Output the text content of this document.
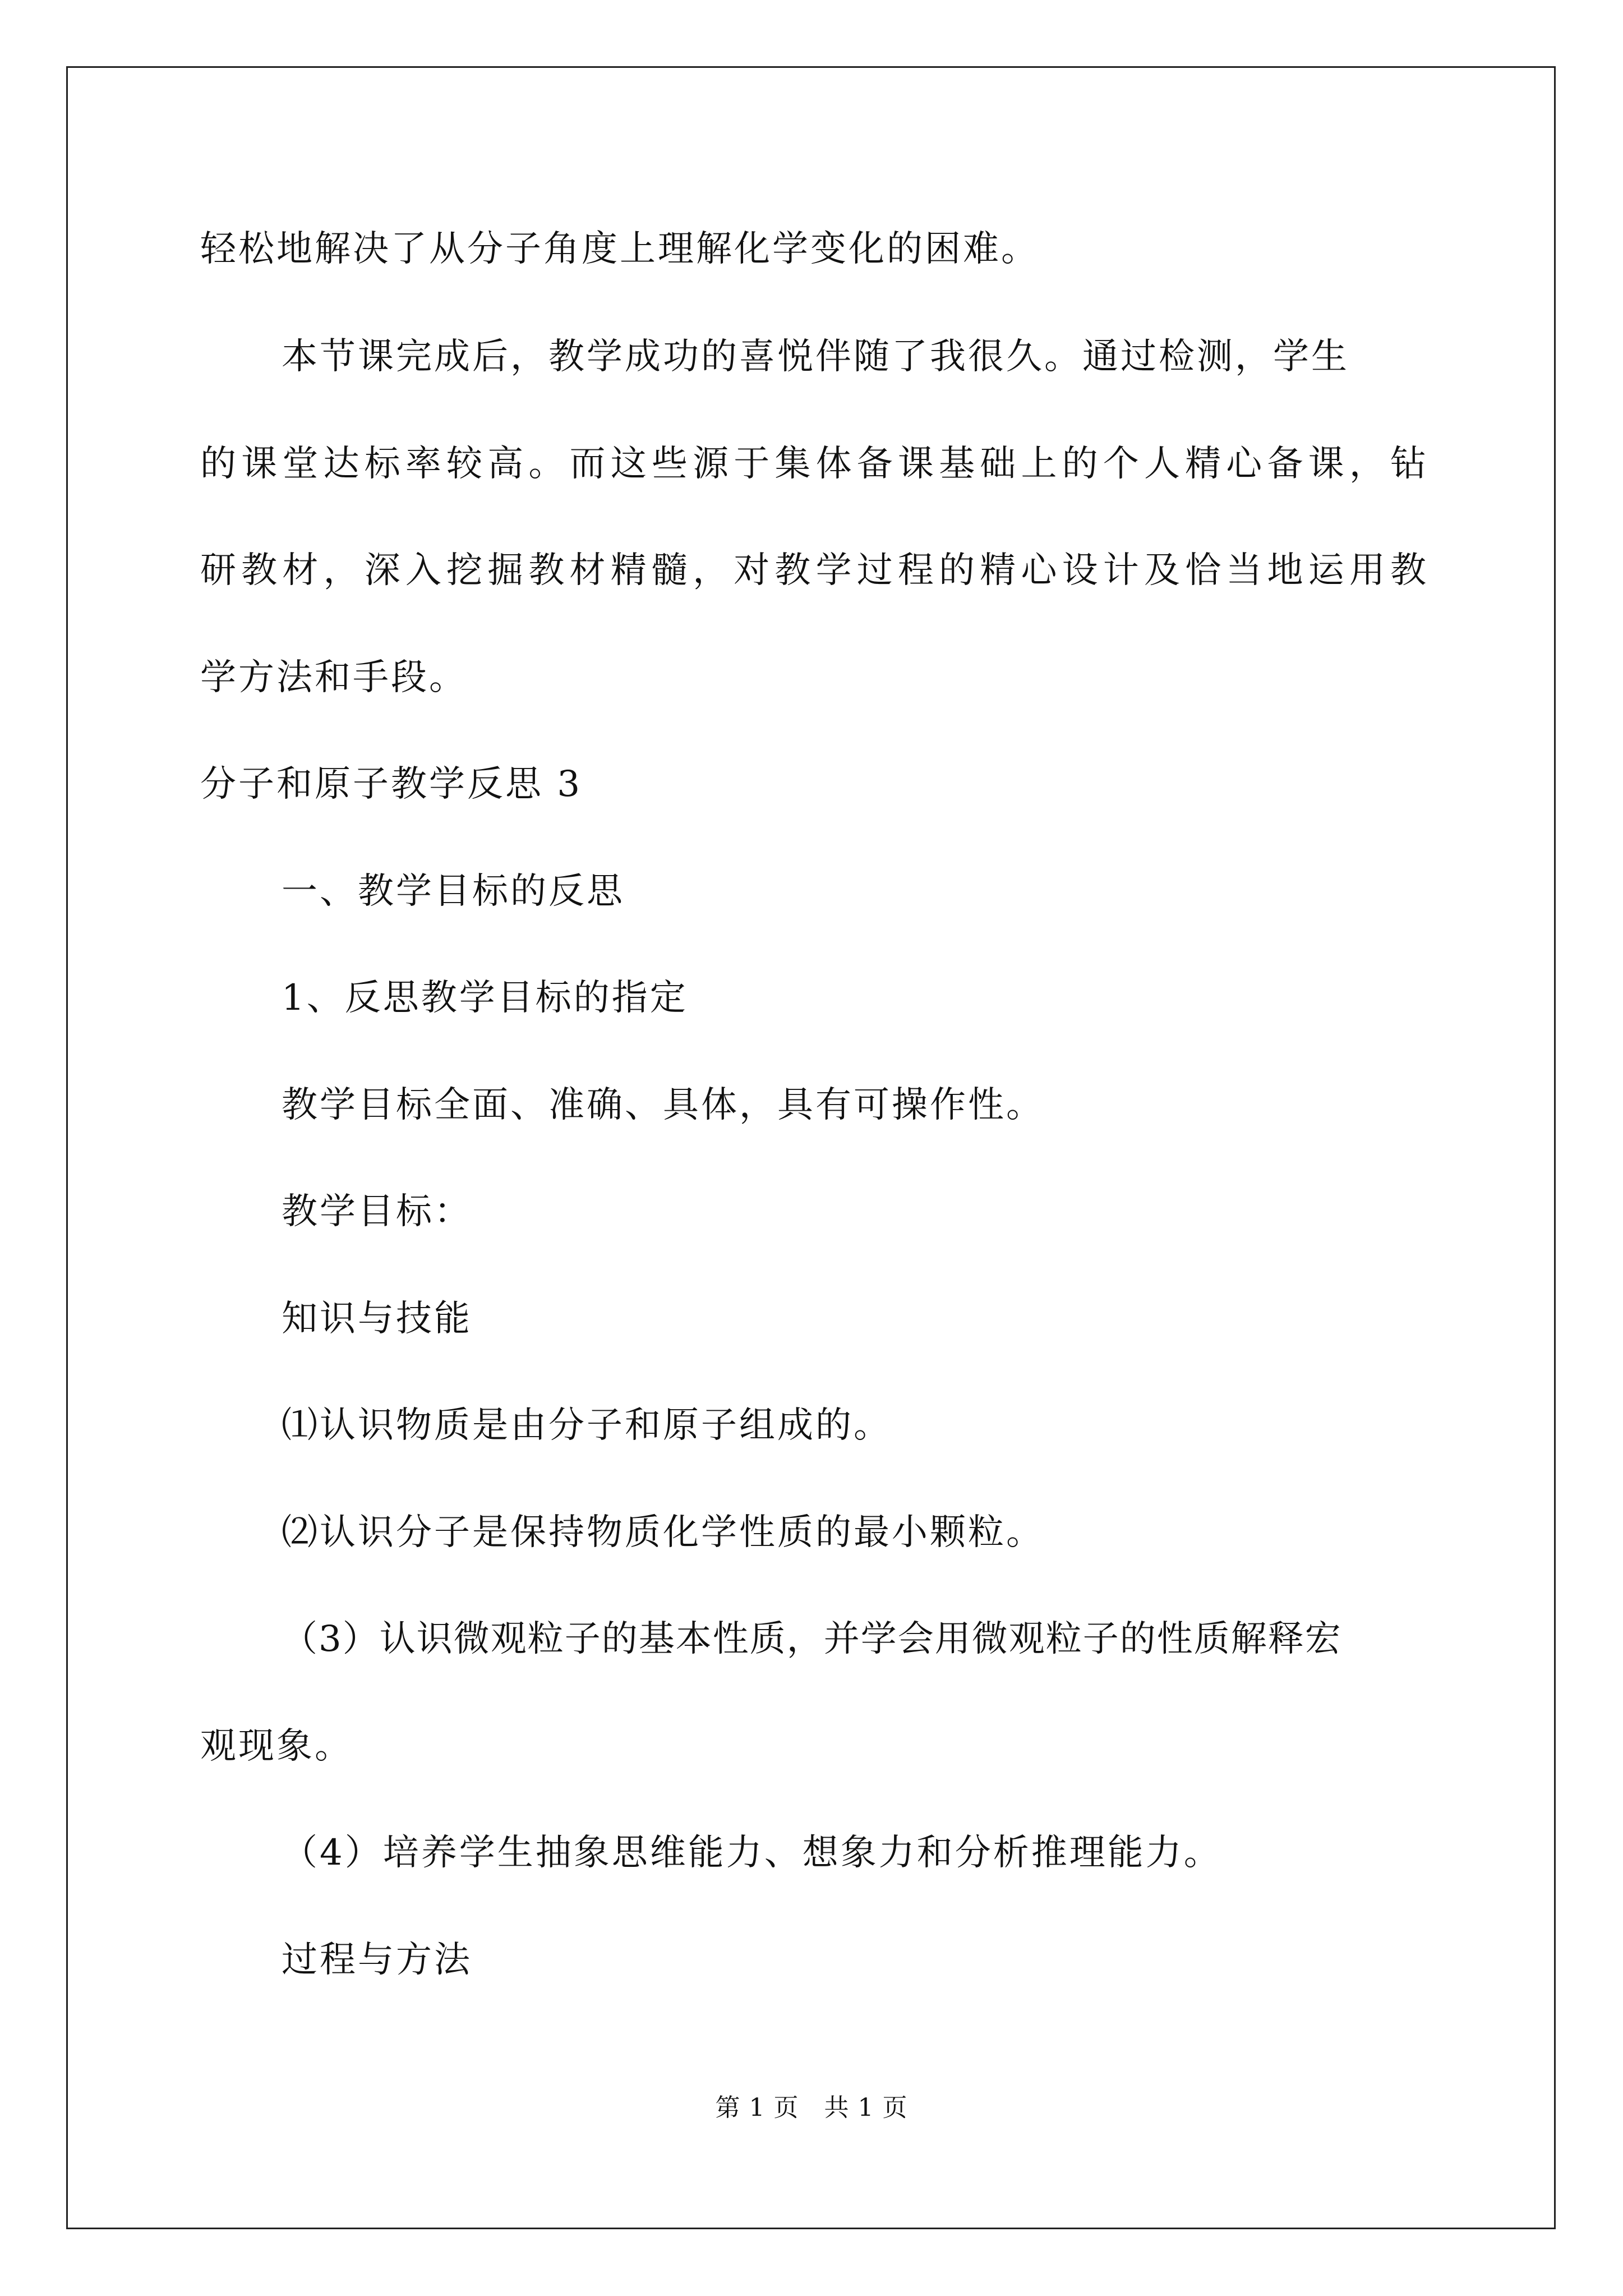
轻松地解决了从分子角度上理解化学变化的困难。
本节课完成后，教学成功的喜悦伴随了我很久。通过检测，学生
的课堂达标率较高。而这些源于集体备课基础上的个人精心备课，钻
研教材，深入挖掘教材精髓，对教学过程的精心设计及恰当地运用教
学方法和手段。
分子和原子教学反思 3
一、教学目标的反思
1、反思教学目标的指定
教学目标全面、准确、具体，具有可操作性。
教学目标：
知识与技能
⑴认识物质是由分子和原子组成的。
⑵认识分子是保持物质化学性质的最小颗粒。
（3）认识微观粒子的基本性质，并学会用微观粒子的性质解释宏
观现象。
（4）培养学生抽象思维能力、想象力和分析推理能力。
过程与方法
第 1 页   共 1 页
